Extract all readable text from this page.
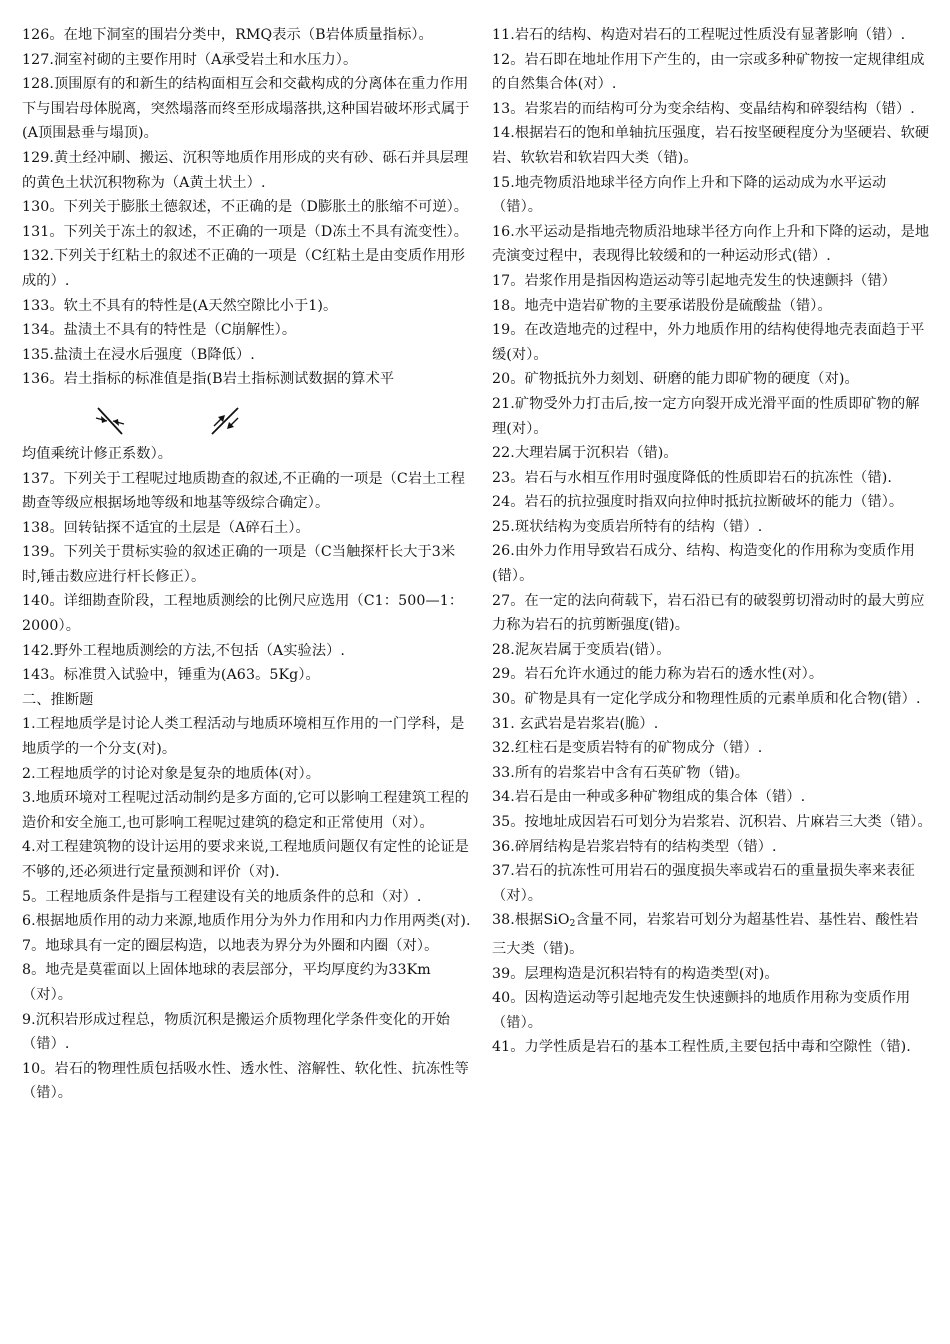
126。在地下洞室的围岩分类中，RMQ表示（B岩体质量指标）。

127.洞室衬砌的主要作用时（A承受岩土和水压力）。

128.顶围原有的和新生的结构面相互会和交截构成的分离体在重力作用下与围岩母体脱离，突然塌落而终至形成塌落拱,这种国岩破坏形式属于(A顶围悬垂与塌顶)。

129.黄土经冲刷、搬运、沉积等地质作用形成的夹有砂、砾石并具层理的黄色土状沉积物称为（A黄土状土）.

130。下列关于膨胀土德叙述，不正确的是（D膨胀土的胀缩不可逆）。

131。下列关于冻土的叙述，不正确的一项是（D冻土不具有流变性）。

132.下列关于红粘土的叙述不正确的一项是（C红粘土是由变质作用形成的）.

133。软土不具有的特性是(A天然空隙比小于1)。

134。盐渍土不具有的特性是（C崩解性）。

135.盐渍土在浸水后强度（B降低）.

136。岩土指标的标准值是指(B岩土指标测试数据的算术平

均值乘统计修正系数）。

137。下列关于工程呢过地质勘查的叙述,不正确的一项是（C岩土工程勘查等级应根据场地等级和地基等级综合确定）。

138。回转钻探不适宜的土层是（A碎石土）。

139。下列关于贯标实验的叙述正确的一项是（C当触探杆长大于3米时,锤击数应进行杆长修正）。

140。详细勘查阶段，工程地质测绘的比例尺应选用（C1：500—1：2000）。

142.野外工程地质测绘的方法,不包括（A实验法）.

143。标准贯入试验中，锤重为(A63。5Kg）。

二、推断题

1.工程地质学是讨论人类工程活动与地质环境相互作用的一门学科，是地质学的一个分支(对)。

2.工程地质学的讨论对象是复杂的地质体(对）。

3.地质环境对工程呢过活动制约是多方面的,它可以影响工程建筑工程的造价和安全施工,也可影响工程呢过建筑的稳定和正常使用（对）。

4.对工程建筑物的设计运用的要求来说,工程地质问题仅有定性的论证是不够的,还必须进行定量预测和评价（对).

5。工程地质条件是指与工程建设有关的地质条件的总和（对）.

6.根据地质作用的动力来源,地质作用分为外力作用和内力作用两类(对).

7。地球具有一定的圈层构造，以地表为界分为外圈和内圈（对）。

8。地壳是莫霍面以上固体地球的表层部分，平均厚度约为33Km（对）。

9.沉积岩形成过程总，物质沉积是搬运介质物理化学条件变化的开始（错）.

10。岩石的物理性质包括吸水性、透水性、溶解性、软化性、抗冻性等（错）。

11.岩石的结构、构造对岩石的工程呢过性质没有显著影响（错）.

12。岩石即在地址作用下产生的，由一宗或多种矿物按一定规律组成的自然集合体(对）.

13。岩浆岩的而结构可分为变余结构、变晶结构和碎裂结构（错）.

14.根据岩石的饱和单轴抗压强度，岩石按坚硬程度分为坚硬岩、软硬岩、软软岩和软岩四大类（错)。

15.地壳物质沿地球半径方向作上升和下降的运动成为水平运动（错）。

16.水平运动是指地壳物质沿地球半径方向作上升和下降的运动，是地壳演变过程中，表现得比较缓和的一种运动形式(错）.

17。岩浆作用是指因构造运动等引起地壳发生的快速颤抖（错）

18。地壳中造岩矿物的主要承诺股份是硫酸盐（错）。

19。在改造地壳的过程中，外力地质作用的结构使得地壳表面趋于平缓(对）。

20。矿物抵抗外力刻划、研磨的能力即矿物的硬度（对)。

21.矿物受外力打击后,按一定方向裂开成光滑平面的性质即矿物的解理(对）。

22.大理岩属于沉积岩（错)。

23。岩石与水相互作用时强度降低的性质即岩石的抗冻性（错).

24。岩石的抗拉强度时指双向拉伸时抵抗拉断破坏的能力（错）。

25.斑状结构为变质岩所特有的结构（错）.

26.由外力作用导致岩石成分、结构、构造变化的作用称为变质作用(错）。

27。在一定的法向荷载下，岩石沿已有的破裂剪切滑动时的最大剪应力称为岩石的抗剪断强度(错)。

28.泥灰岩属于变质岩(错）。

29。岩石允许水通过的能力称为岩石的透水性(对）。

30。矿物是具有一定化学成分和物理性质的元素单质和化合物(错）.

31. 玄武岩是岩浆岩(脆）.

32.红柱石是变质岩特有的矿物成分（错）.

33.所有的岩浆岩中含有石英矿物（错)。

34.岩石是由一种或多种矿物组成的集合体（错）.

35。按地址成因岩石可划分为岩浆岩、沉积岩、片麻岩三大类（错）。

36.碎屑结构是岩浆岩特有的结构类型（错）.

37.岩石的抗冻性可用岩石的强度损失率或岩石的重量损失率来表征（对）。

38.根据SiO$_2$含量不同，岩浆岩可划分为超基性岩、基性岩、酸性岩三大类（错)。

39。层理构造是沉积岩特有的构造类型(对)。

40。因构造运动等引起地壳发生快速颤抖的地质作用称为变质作用（错）。

41。力学性质是岩石的基本工程性质,主要包括中毒和空隙性（错).
